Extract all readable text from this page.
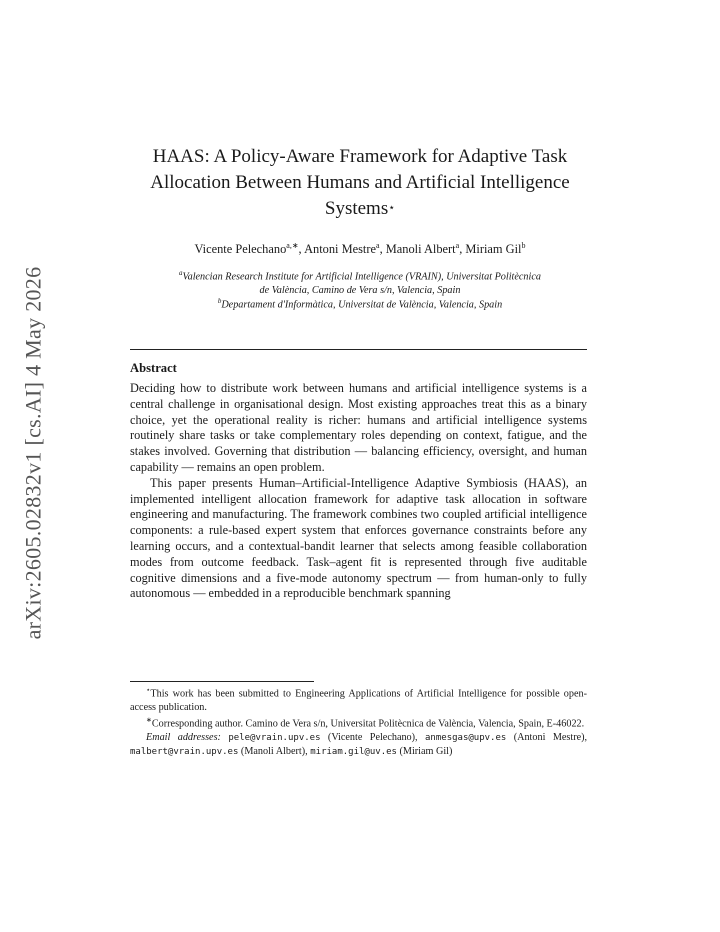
arXiv:2605.02832v1 [cs.AI] 4 May 2026
HAAS: A Policy-Aware Framework for Adaptive Task
Allocation Between Humans and Artificial Intelligence
Systems⋆
Vicente Pelechano$^{a,∗}$, Antoni Mestre$^a$, Manoli Albert$^a$, Miriam Gil$^b$
$^a$Valencian Research Institute for Artificial Intelligence (VRAIN), Universitat Politècnica
de València, Camino de Vera s/n, Valencia, Spain
$^b$Departament d'Informàtica, Universitat de València, Valencia, Spain
Abstract

Deciding how to distribute work between humans and artificial intelligence systems is a central challenge in organisational design. Most existing approaches treat this as a binary choice, yet the operational reality is richer: humans and artificial intelligence systems routinely share tasks or take complementary roles depending on context, fatigue, and the stakes involved. Governing that distribution — balancing efficiency, oversight, and human capability — remains an open problem.

This paper presents Human–Artificial-Intelligence Adaptive Symbiosis (HAAS), an implemented intelligent allocation framework for adaptive task allocation in software engineering and manufacturing. The framework combines two coupled artificial intelligence components: a rule-based expert system that enforces governance constraints before any learning occurs, and a contextual-bandit learner that selects among feasible collaboration modes from outcome feedback. Task–agent fit is represented through five auditable cognitive dimensions and a five-mode autonomy spectrum — from human-only to fully autonomous — embedded in a reproducible benchmark spanning

⋆This work has been submitted to Engineering Applications of Artificial Intelligence for possible open-access publication.

∗Corresponding author. Camino de Vera s/n, Universitat Politècnica de València, Valencia, Spain, E-46022.

Email addresses: pele@vrain.upv.es (Vicente Pelechano), anmesgas@upv.es (Antoni Mestre), malbert@vrain.upv.es (Manoli Albert), miriam.gil@uv.es (Miriam Gil)
